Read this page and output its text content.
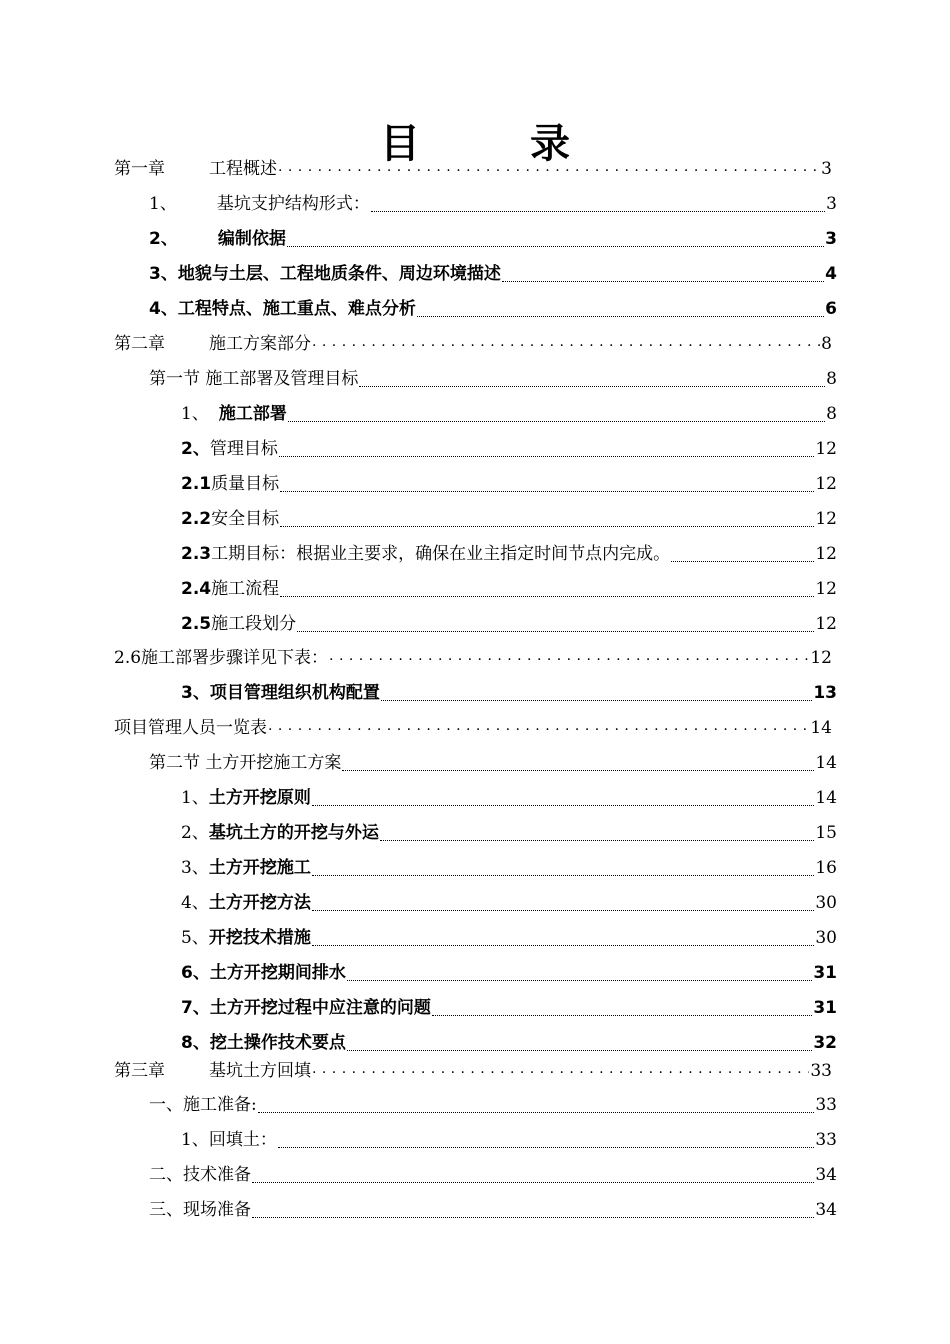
目	录
第一章	工程概述 . . .	3
1、 基坑支护结构形式：	3
2、 编制依据	3
3、地貌与土层、工程地质条件、周边环境描述	4
4、工程特点、施工重点、难点分析	6
第二章	施工方案部分 . . .	8
第一节 施工部署及管理目标	8
1、 施工部署	8
2、管理目标	12
2.1质量目标	12
2.2安全目标	12
2.3工期目标：根据业主要求，确保在业主指定时间节点内完成。	12
2.4施工流程	12
2.5施工段划分	12
2.6施工部署步骤详见下表： . . .	12
3、项目管理组织机构配置	13
项目管理人员一览表 . . .	14
第二节 土方开挖施工方案	14
1、土方开挖原则	14
2、基坑土方的开挖与外运	15
3、土方开挖施工	16
4、土方开挖方法	30
5、开挖技术措施	30
6、土方开挖期间排水	31
7、土方开挖过程中应注意的问题	31
8、挖土操作技术要点	32
第三章	基坑土方回填 . . .	33
一、施工准备:	33
1、回填土：	33
二、技术准备	34
三、现场准备	34
